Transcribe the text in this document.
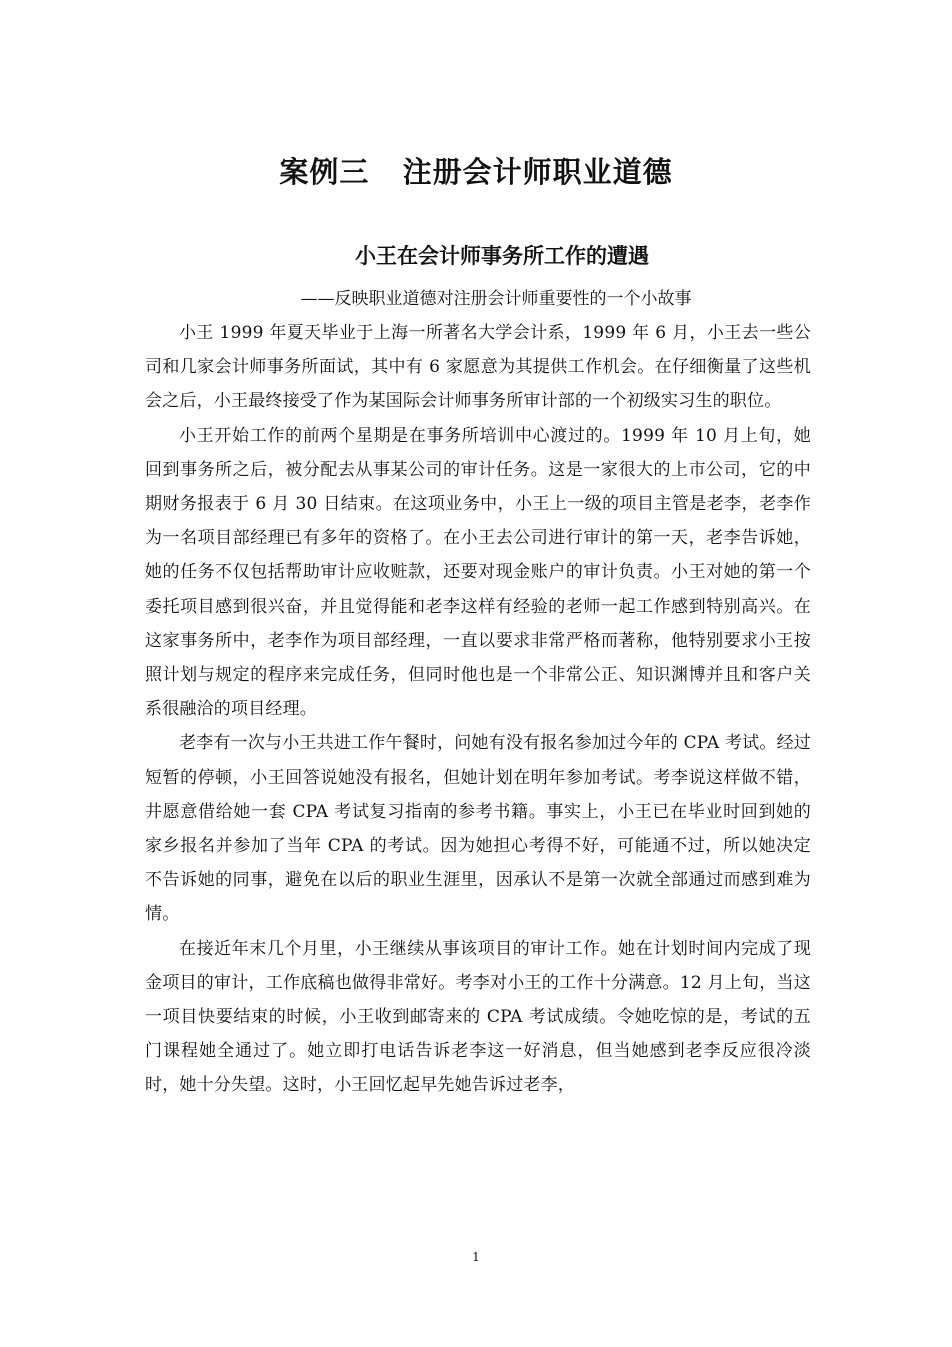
案例三   注册会计师职业道德
小王在会计师事务所工作的遭遇

——反映职业道德对注册会计师重要性的一个小故事

小王 1999 年夏天毕业于上海一所著名大学会计系，1999 年 6 月，小王去一些公司和几家会计师事务所面试，其中有 6 家愿意为其提供工作机会。在仔细衡量了这些机会之后，小王最终接受了作为某国际会计师事务所审计部的一个初级实习生的职位。

小王开始工作的前两个星期是在事务所培训中心渡过的。1999 年 10 月上旬，她回到事务所之后，被分配去从事某公司的审计任务。这是一家很大的上市公司，它的中期财务报表于 6 月 30 日结束。在这项业务中，小王上一级的项目主管是老李，老李作为一名项目部经理已有多年的资格了。在小王去公司进行审计的第一天，老李告诉她，她的任务不仅包括帮助审计应收赃款，还要对现金账户的审计负责。小王对她的第一个委托项目感到很兴奋，并且觉得能和老李这样有经验的老师一起工作感到特别高兴。在这家事务所中，老李作为项目部经理，一直以要求非常严格而著称，他特别要求小王按照计划与规定的程序来完成任务，但同时他也是一个非常公正、知识渊博并且和客户关系很融洽的项目经理。

老李有一次与小王共进工作午餐时，问她有没有报名参加过今年的 CPA 考试。经过短暂的停顿，小王回答说她没有报名，但她计划在明年参加考试。考李说这样做不错，井愿意借给她一套 CPA 考试复习指南的参考书籍。事实上，小王已在毕业时回到她的家乡报名并参加了当年 CPA 的考试。因为她担心考得不好，可能通不过，所以她决定不告诉她的同事，避免在以后的职业生涯里，因承认不是第一次就全部通过而感到难为情。

在接近年末几个月里，小王继续从事该项目的审计工作。她在计划时间内完成了现金项目的审计，工作底稿也做得非常好。考李对小王的工作十分满意。12 月上旬，当这一项目快要结束的时候，小王收到邮寄来的 CPA 考试成绩。令她吃惊的是，考试的五门课程她全通过了。她立即打电话告诉老李这一好消息，但当她感到老李反应很冷淡时，她十分失望。这时，小王回忆起早先她告诉过老李，

1
